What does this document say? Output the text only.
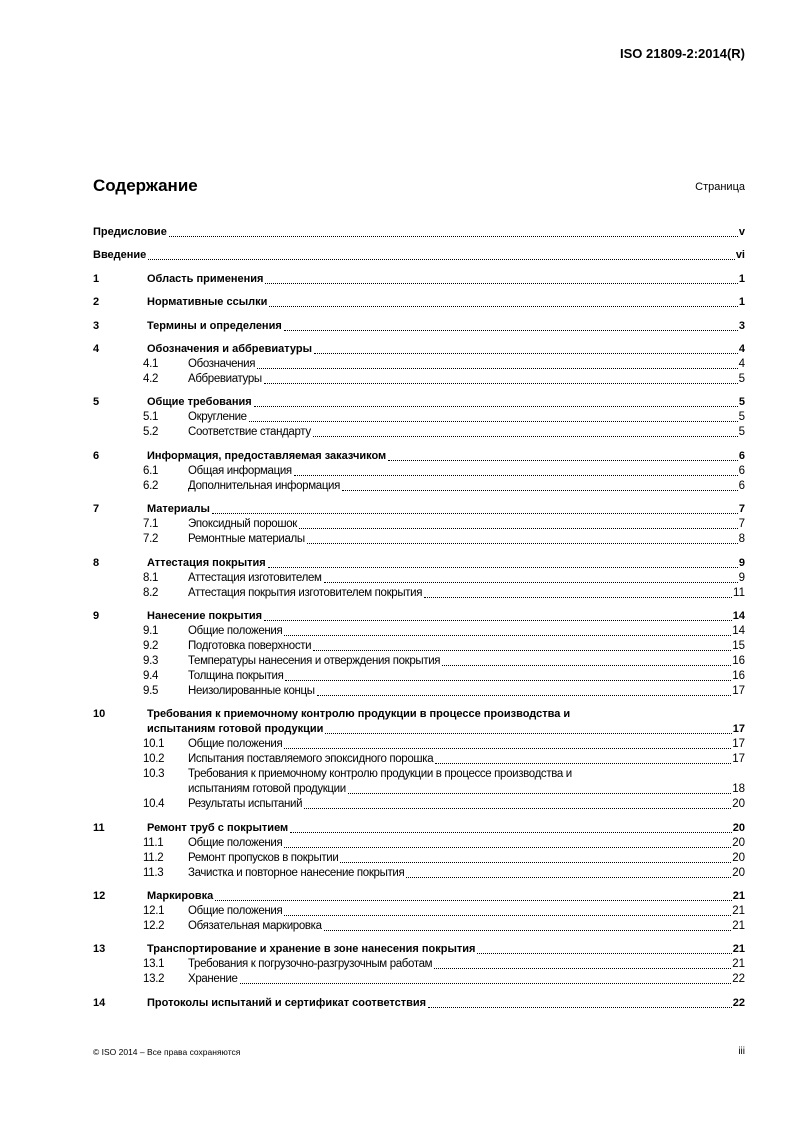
ISO 21809-2:2014(R)
Содержание	Страница
Предисловие	v
Введение	vi
1	Область применения	1
2	Нормативные ссылки	1
3	Термины и определения	3
4	Обозначения и аббревиатуры	4
4.1	Обозначения	4
4.2	Аббревиатуры	5
5	Общие требования	5
5.1	Округление	5
5.2	Соответствие стандарту	5
6	Информация, предоставляемая заказчиком	6
6.1	Общая информация	6
6.2	Дополнительная информация	6
7	Материалы	7
7.1	Эпоксидный порошок	7
7.2	Ремонтные материалы	8
8	Аттестация покрытия	9
8.1	Аттестация изготовителем	9
8.2	Аттестация покрытия изготовителем покрытия	11
9	Нанесение покрытия	14
9.1	Общие положения	14
9.2	Подготовка поверхности	15
9.3	Температуры нанесения и отверждения покрытия	16
9.4	Толщина покрытия	16
9.5	Неизолированные концы	17
10	Требования к приемочному контролю продукции в процессе производства и
испытаниям готовой продукции	17
10.1	Общие положения	17
10.2	Испытания поставляемого эпоксидного порошка	17
10.3	Требования к приемочному контролю продукции в процессе производства и
испытаниям готовой продукции	18
10.4	Результаты испытаний	20
11	Ремонт труб с покрытием	20
11.1	Общие положения	20
11.2	Ремонт пропусков в покрытии	20
11.3	Зачистка и повторное нанесение покрытия	20
12	Маркировка	21
12.1	Общие положения	21
12.2	Обязательная маркировка	21
13	Транспортирование и хранение в зоне нанесения покрытия	21
13.1	Требования к погрузочно-разгрузочным работам	21
13.2	Хранение	22
14	Протоколы испытаний и сертификат соответствия	22
© ISO 2014 – Все права сохраняются	iii
